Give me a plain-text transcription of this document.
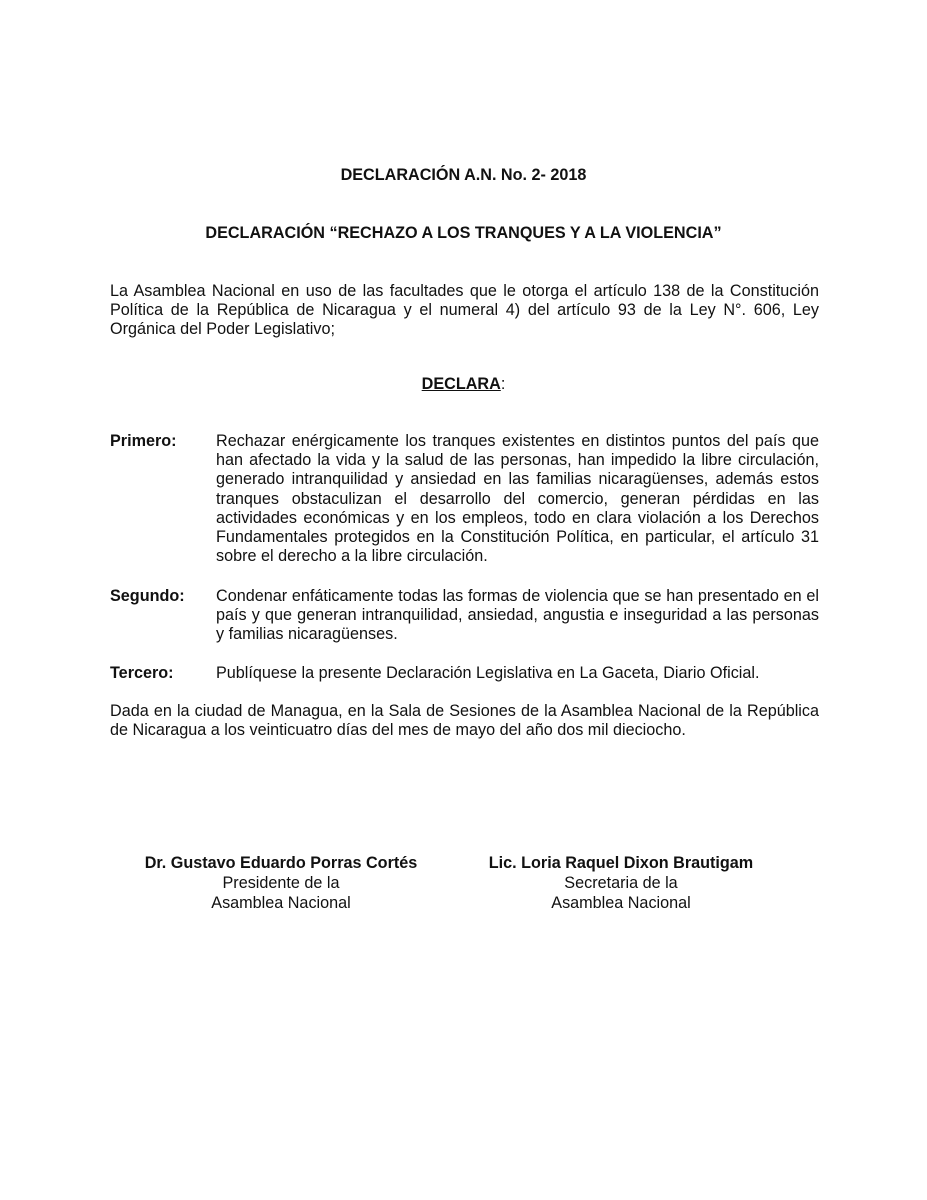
DECLARACIÓN A.N. No. 2- 2018
DECLARACIÓN “RECHAZO A LOS TRANQUES Y A LA VIOLENCIA”
La Asamblea Nacional en uso de las facultades que le otorga el artículo 138 de la Constitución Política de la República de Nicaragua y el numeral 4) del artículo 93 de la Ley N°. 606, Ley Orgánica del Poder Legislativo;
DECLARA:
Primero:	Rechazar enérgicamente los tranques existentes en distintos puntos del país que han afectado la vida y la salud de las personas, han impedido la libre circulación, generado intranquilidad y ansiedad en las familias nicaragüenses, además estos tranques obstaculizan el desarrollo del comercio, generan pérdidas en las actividades económicas y en los empleos, todo en clara violación a los Derechos Fundamentales protegidos en la Constitución Política, en particular, el artículo 31 sobre el derecho a la libre circulación.
Segundo:	Condenar enfáticamente todas las formas de violencia que se han presentado en el país y que generan intranquilidad, ansiedad, angustia e inseguridad a las personas y familias nicaragüenses.
Tercero:	Publíquese la presente Declaración Legislativa en La Gaceta, Diario Oficial.
Dada en la ciudad de Managua, en la Sala de Sesiones de la Asamblea Nacional de la República de Nicaragua a los veinticuatro días del mes de mayo del año dos mil dieciocho.
Dr. Gustavo Eduardo Porras Cortés
Presidente de la
Asamblea Nacional
Lic. Loria Raquel Dixon Brautigam
Secretaria de la
Asamblea Nacional
